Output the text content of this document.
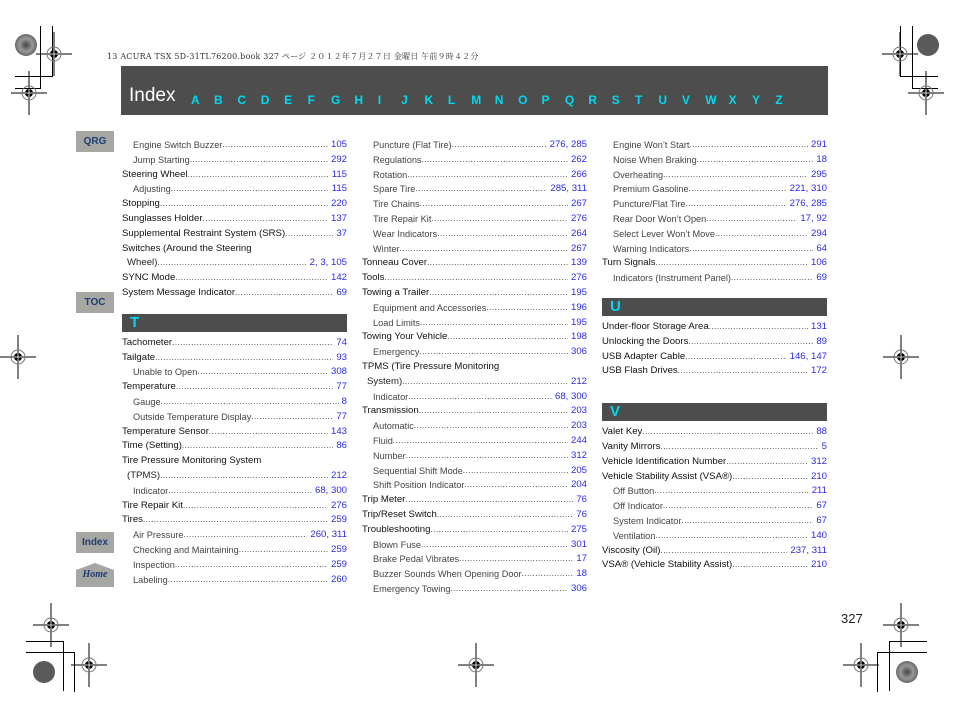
13 ACURA TSX 5D-31TL76200.book 327 ページ ２０１２年７月２７日 金曜日 午前９時４２分
Index A	B	C	D	E	F	G	H	I	J	K	L	M	N	O	P	Q	R	S	T	U	V	W	X	Y	Z
QRG
TOC
Index
Home
Engine Switch Buzzer .....	105
Jump Starting .....	292
Steering Wheel .....	115
Adjusting .....	115
Stopping .....	220
Sunglasses Holder .....	137
Supplemental Restraint System (SRS) .....	37
Switches (Around the Steering
Wheel) .....	2, 3, 105
SYNC Mode .....	142
System Message Indicator .....	69
T
Tachometer .....	74
Tailgate .....	93
Unable to Open .....	308
Temperature .....	77
Gauge .....	8
Outside Temperature Display .....	77
Temperature Sensor .....	143
Time (Setting) .....	86
Tire Pressure Monitoring System
(TPMS) .....	212
Indicator .....	68, 300
Tire Repair Kit .....	276
Tires .....	259
Air Pressure .....	260, 311
Checking and Maintaining .....	259
Inspection .....	259
Labeling .....	260
Puncture (Flat Tire) .....	276, 285
Regulations .....	262
Rotation .....	266
Spare Tire .....	285, 311
Tire Chains .....	267
Tire Repair Kit .....	276
Wear Indicators .....	264
Winter .....	267
Tonneau Cover .....	139
Tools .....	276
Towing a Trailer .....	195
Equipment and Accessories .....	196
Load Limits .....	195
Towing Your Vehicle .....	198
Emergency .....	306
TPMS (Tire Pressure Monitoring
System) .....	212
Indicator .....	68, 300
Transmission .....	203
Automatic .....	203
Fluid .....	244
Number .....	312
Sequential Shift Mode .....	205
Shift Position Indicator .....	204
Trip Meter .....	76
Trip/Reset Switch .....	76
Troubleshooting .....	275
Blown Fuse .....	301
Brake Pedal Vibrates .....	17
Buzzer Sounds When Opening Door .....	18
Emergency Towing .....	306
Engine Won’t Start .....	291
Noise When Braking .....	18
Overheating .....	295
Premium Gasoline .....	221, 310
Puncture/Flat Tire .....	276, 285
Rear Door Won’t Open .....	17, 92
Select Lever Won’t Move .....	294
Warning Indicators .....	64
Turn Signals .....	106
Indicators (Instrument Panel) .....	69
U
Under-floor Storage Area .....	131
Unlocking the Doors .....	89
USB Adapter Cable .....	146, 147
USB Flash Drives .....	172
V
Valet Key .....	88
Vanity Mirrors .....	5
Vehicle Identification Number .....	312
Vehicle Stability Assist (VSA®) .....	210
Off Button .....	211
Off Indicator .....	67
System Indicator .....	67
Ventilation .....	140
Viscosity (Oil) .....	237, 311
VSA® (Vehicle Stability Assist) .....	210
327
